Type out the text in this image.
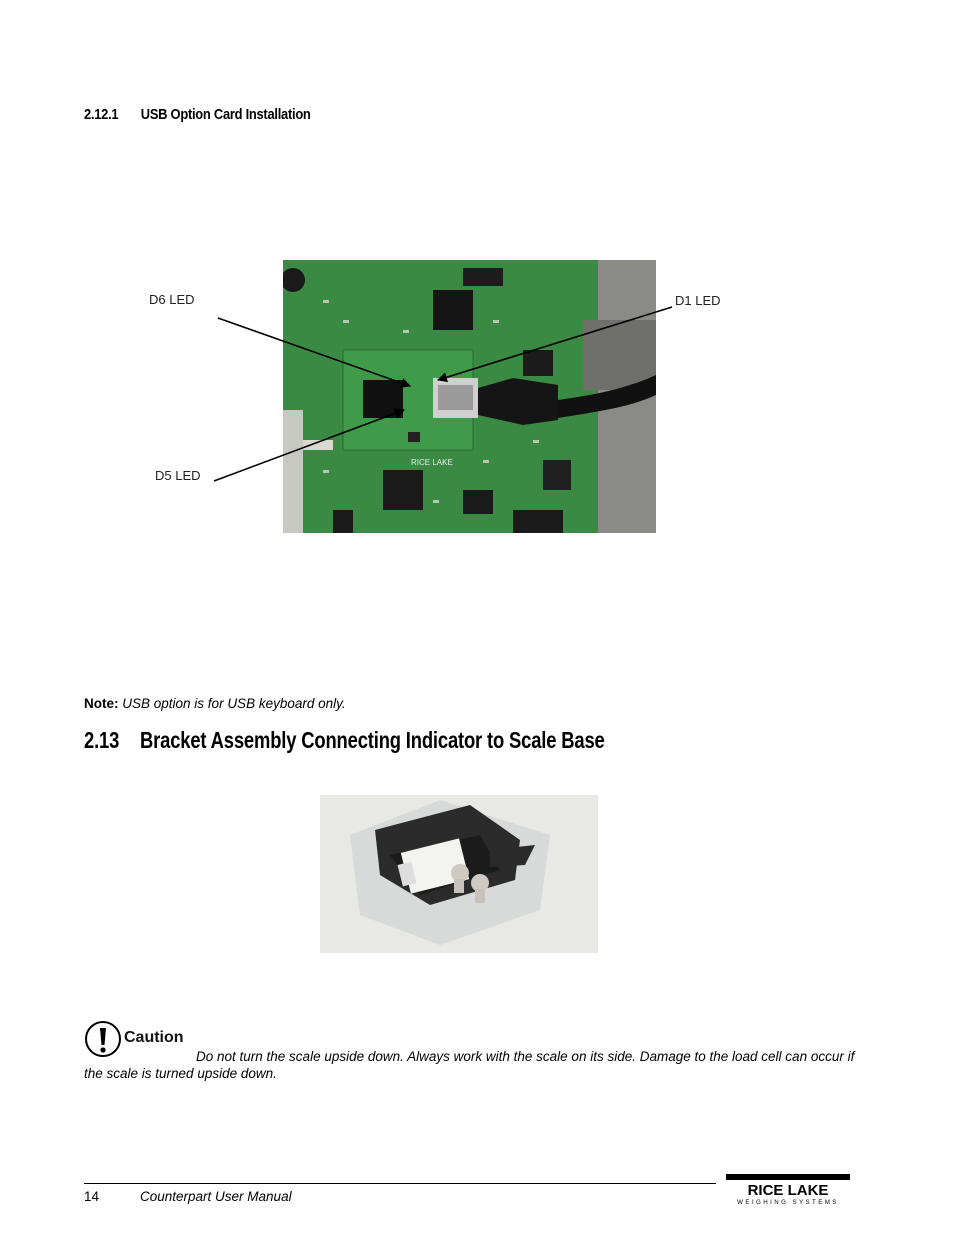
2.12.1 USB Option Card Installation
RICE LAKE
D6 LED	D1 LED
D5 LED
Note: USB option is for USB keyboard only.
2.13 Bracket Assembly Connecting Indicator to Scale Base
Caution
Do not turn the scale upside down. Always work with the scale on its side. Damage to the load cell can occur if the scale is turned upside down.
14	Counterpart User Manual	RICE LAKE
WEIGHING SYSTEMS
